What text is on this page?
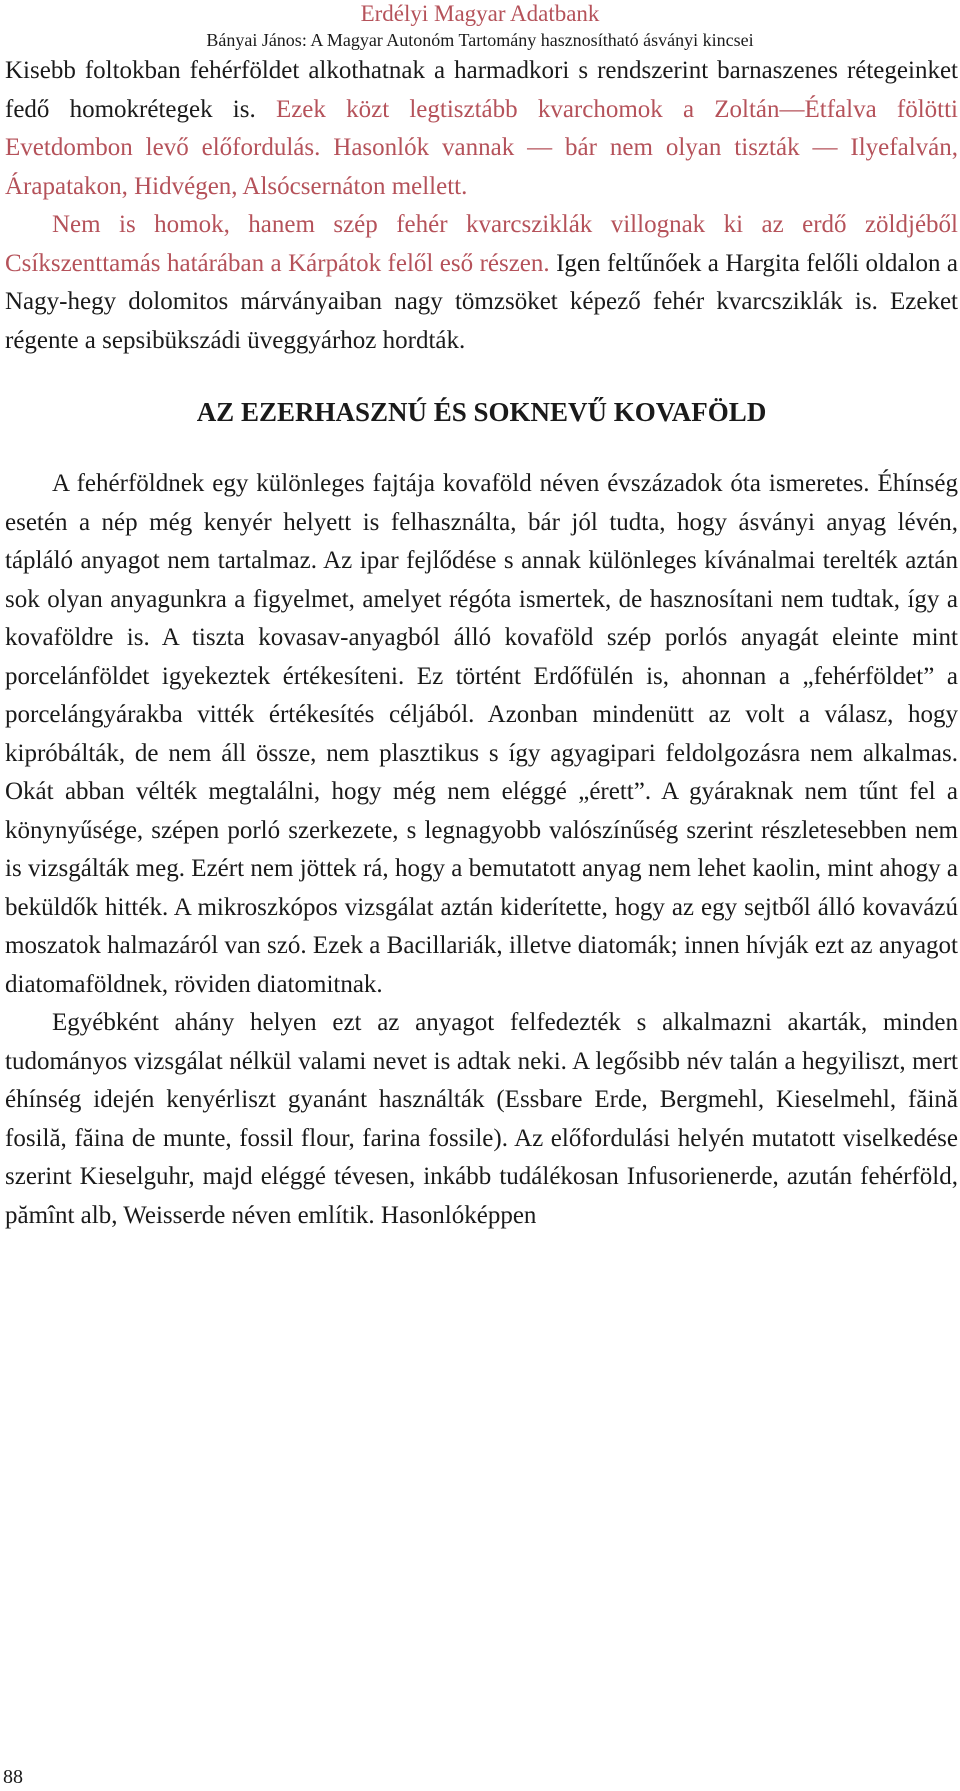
Erdélyi Magyar Adatbank
Bányai János: A Magyar Autonóm Tartomány hasznosítható ásványi kincsei

Kisebb foltokban fehérföldet alkothatnak a harmadkori s rendszerint barnaszenes rétegeinket fedő homokrétegek is. Ezek közt legtisztább kvarchomok a Zoltán—Étfalva fölötti Evetdombon levő előfordulás. Hasonlók vannak — bár nem olyan tiszták — Ilyefalván, Árapatakon, Hidvégen, Alsócsernáton mellett.

Nem is homok, hanem szép fehér kvarcsziklák villognak ki az erdő zöldjéből Csíkszenttamás határában a Kárpátok felől eső részen. Igen feltűnőek a Hargita felőli oldalon a Nagy-hegy dolomitos márványaiban nagy tömzsöket képező fehér kvarcsziklák is. Ezeket régente a sepsibükszádi üveggyárhoz hordták.

AZ EZERHASZNÚ ÉS SOKNEVŰ KOVAFÖLD

A fehérföldnek egy különleges fajtája kovaföld néven évszázadok óta ismeretes. Éhínség esetén a nép még kenyér helyett is felhasználta, bár jól tudta, hogy ásványi anyag lévén, tápláló anyagot nem tartalmaz. Az ipar fejlődése s annak különleges kívánalmai terelték aztán sok olyan anyagunkra a figyelmet, amelyet régóta ismertek, de hasznosítani nem tudtak, így a kovaföldre is. A tiszta kovasav-anyagból álló kovaföld szép porlós anyagát eleinte mint porcelánföldet igyekeztek értékesíteni. Ez történt Erdőfülén is, ahonnan a „fehérföldet” a porcelángyárakba vitték értékesítés céljából. Azonban mindenütt az volt a válasz, hogy kipróbálták, de nem áll össze, nem plasztikus s így agyagipari feldolgozásra nem alkalmas. Okát abban vélték megtalálni, hogy még nem eléggé „érett”. A gyáraknak nem tűnt fel a könynyűsége, szépen porló szerkezete, s legnagyobb valószínűség szerint részletesebben nem is vizsgálták meg. Ezért nem jöttek rá, hogy a bemutatott anyag nem lehet kaolin, mint ahogy a beküldők hitték. A mikroszkópos vizsgálat aztán kiderítette, hogy az egy sejtből álló kovavázú moszatok halmazáról van szó. Ezek a Bacillariák, illetve diatomák; innen hívják ezt az anyagot diatomaföldnek, röviden diatomitnak.

Egyébként ahány helyen ezt az anyagot felfedezték s alkalmazni akarták, minden tudományos vizsgálat nélkül valami nevet is adtak neki. A legősibb név talán a hegyiliszt, mert éhínség idején kenyérliszt gyanánt használták (Essbare Erde, Bergmehl, Kieselmehl, făină fosilă, făina de munte, fossil flour, farina fossile). Az előfordulási helyén mutatott viselkedése szerint Kieselguhr, majd eléggé tévesen, inkább tudálékosan Infusorienerde, azután fehérföld, pămînt alb, Weisserde néven említik. Hasonlóképpen

88
